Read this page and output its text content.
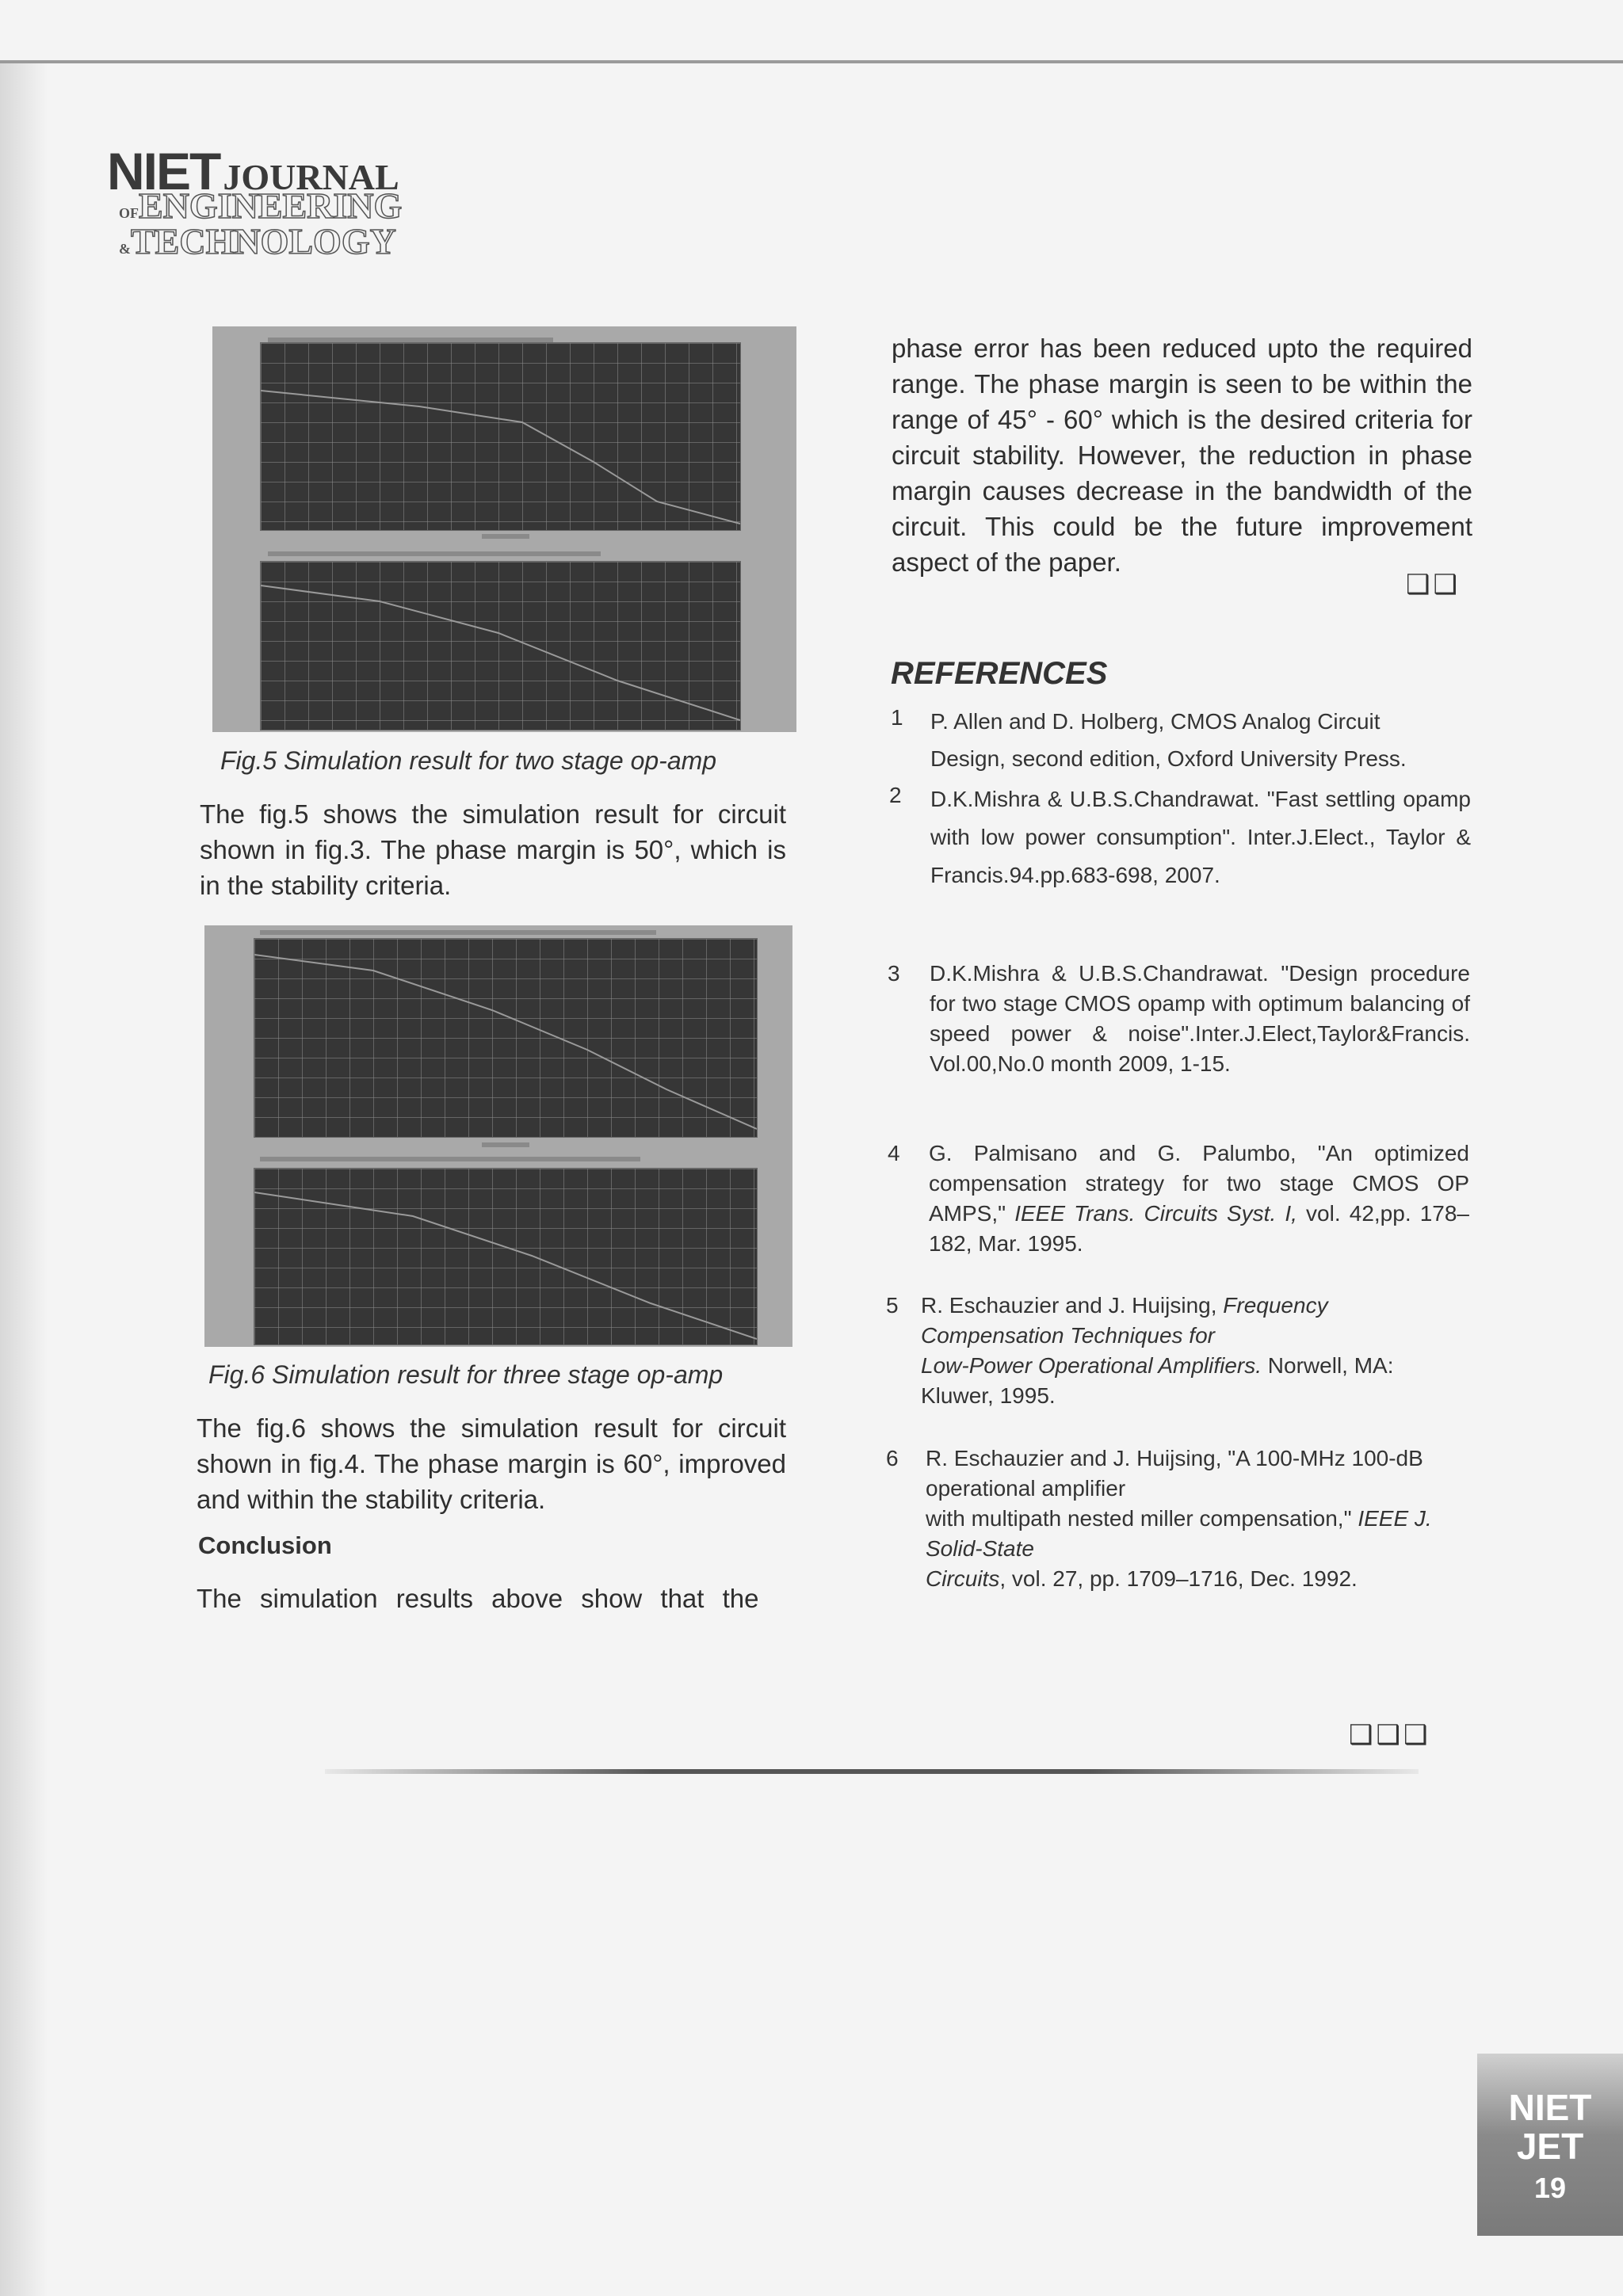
NIETJOURNAL
OFENGINEERING
&TECHNOLOGY
Fig.5 Simulation result for two stage op-amp
The fig.5 shows the simulation result for circuit shown in fig.3. The phase margin is 50°, which is in the stability criteria.
Fig.6 Simulation result for three stage op-amp
The fig.6 shows the simulation result for circuit shown in fig.4. The phase margin is 60°, improved and within the stability criteria.
Conclusion
The simulation results above show that the
phase error has been reduced upto the required range. The phase margin is seen to be within the range of 45° - 60° which is the desired criteria for circuit stability. However, the reduction in phase margin causes decrease in the bandwidth of the circuit. This could be the future improvement aspect of the paper.
❑❑
REFERENCES
1 P. Allen and D. Holberg, CMOS Analog Circuit
Design, second edition, Oxford University Press.
2 D.K.Mishra & U.B.S.Chandrawat. "Fast settling opamp with low power consumption". Inter.J.Elect., Taylor & Francis.94.pp.683-698, 2007.
3 D.K.Mishra & U.B.S.Chandrawat. "Design procedure for two stage CMOS opamp with optimum balancing of speed power & noise".Inter.J.Elect,Taylor&Francis. Vol.00,No.0 month 2009, 1-15.
4 G. Palmisano and G. Palumbo, "An optimized compensation strategy for two stage CMOS OP AMPS," IEEE Trans. Circuits Syst. I, vol. 42,pp. 178–182, Mar. 1995.
5 R. Eschauzier and J. Huijsing, Frequency Compensation Techniques for
Low-Power Operational Amplifiers. Norwell, MA: Kluwer, 1995.
6 R. Eschauzier and J. Huijsing, "A 100-MHz 100-dB operational amplifier
with multipath nested miller compensation," IEEE J. Solid-State
Circuits, vol. 27, pp. 1709–1716, Dec. 1992.
❑❑❑
NIET
JET
19
